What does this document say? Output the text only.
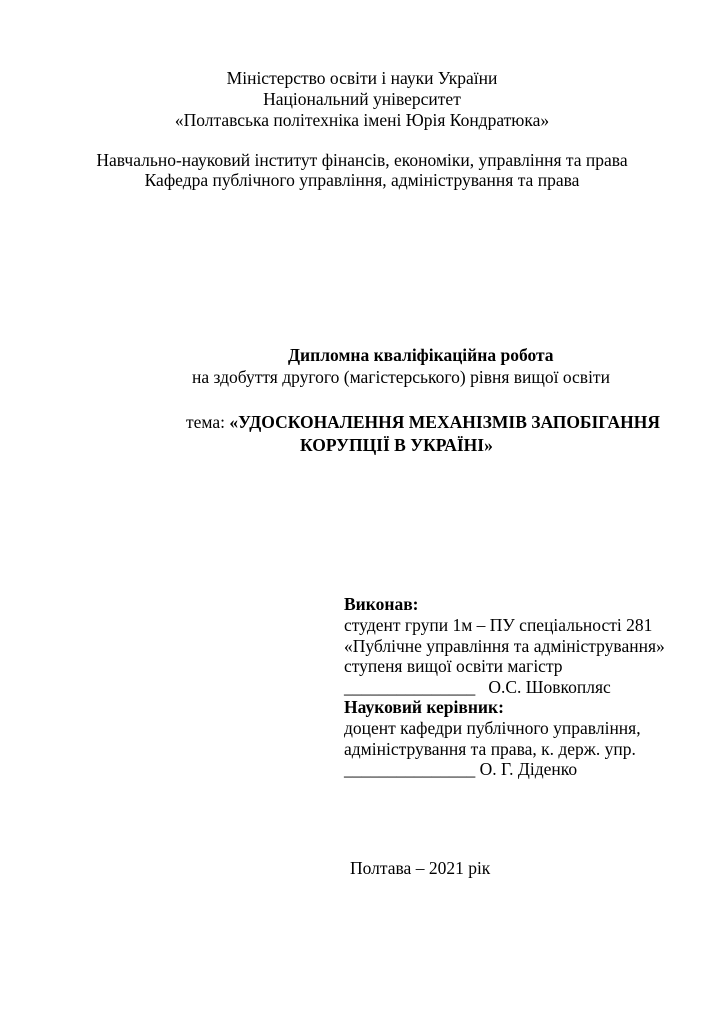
Міністерство освіти і науки України
Національний університет
«Полтавська політехніка імені Юрія Кондратюка»
Навчально-науковий інститут фінансів, економіки, управління та права
Кафедра публічного управління, адміністрування та права
Дипломна кваліфікаційна робота
на здобуття другого (магістерського) рівня вищої освіти
тема: «УДОСКОНАЛЕННЯ МЕХАНІЗМІВ ЗАПОБІГАННЯ
КОРУПЦІЇ В УКРАЇНІ»
Виконав:
студент групи 1м – ПУ спеціальності 281
«Публічне управління та адміністрування»
ступеня вищої освіти магістр
_______________   О.С. Шовкопляс
Науковий керівник:
доцент кафедри публічного управління,
адміністрування та права, к. держ. упр.
_______________ О. Г. Діденко
Полтава – 2021 рік
